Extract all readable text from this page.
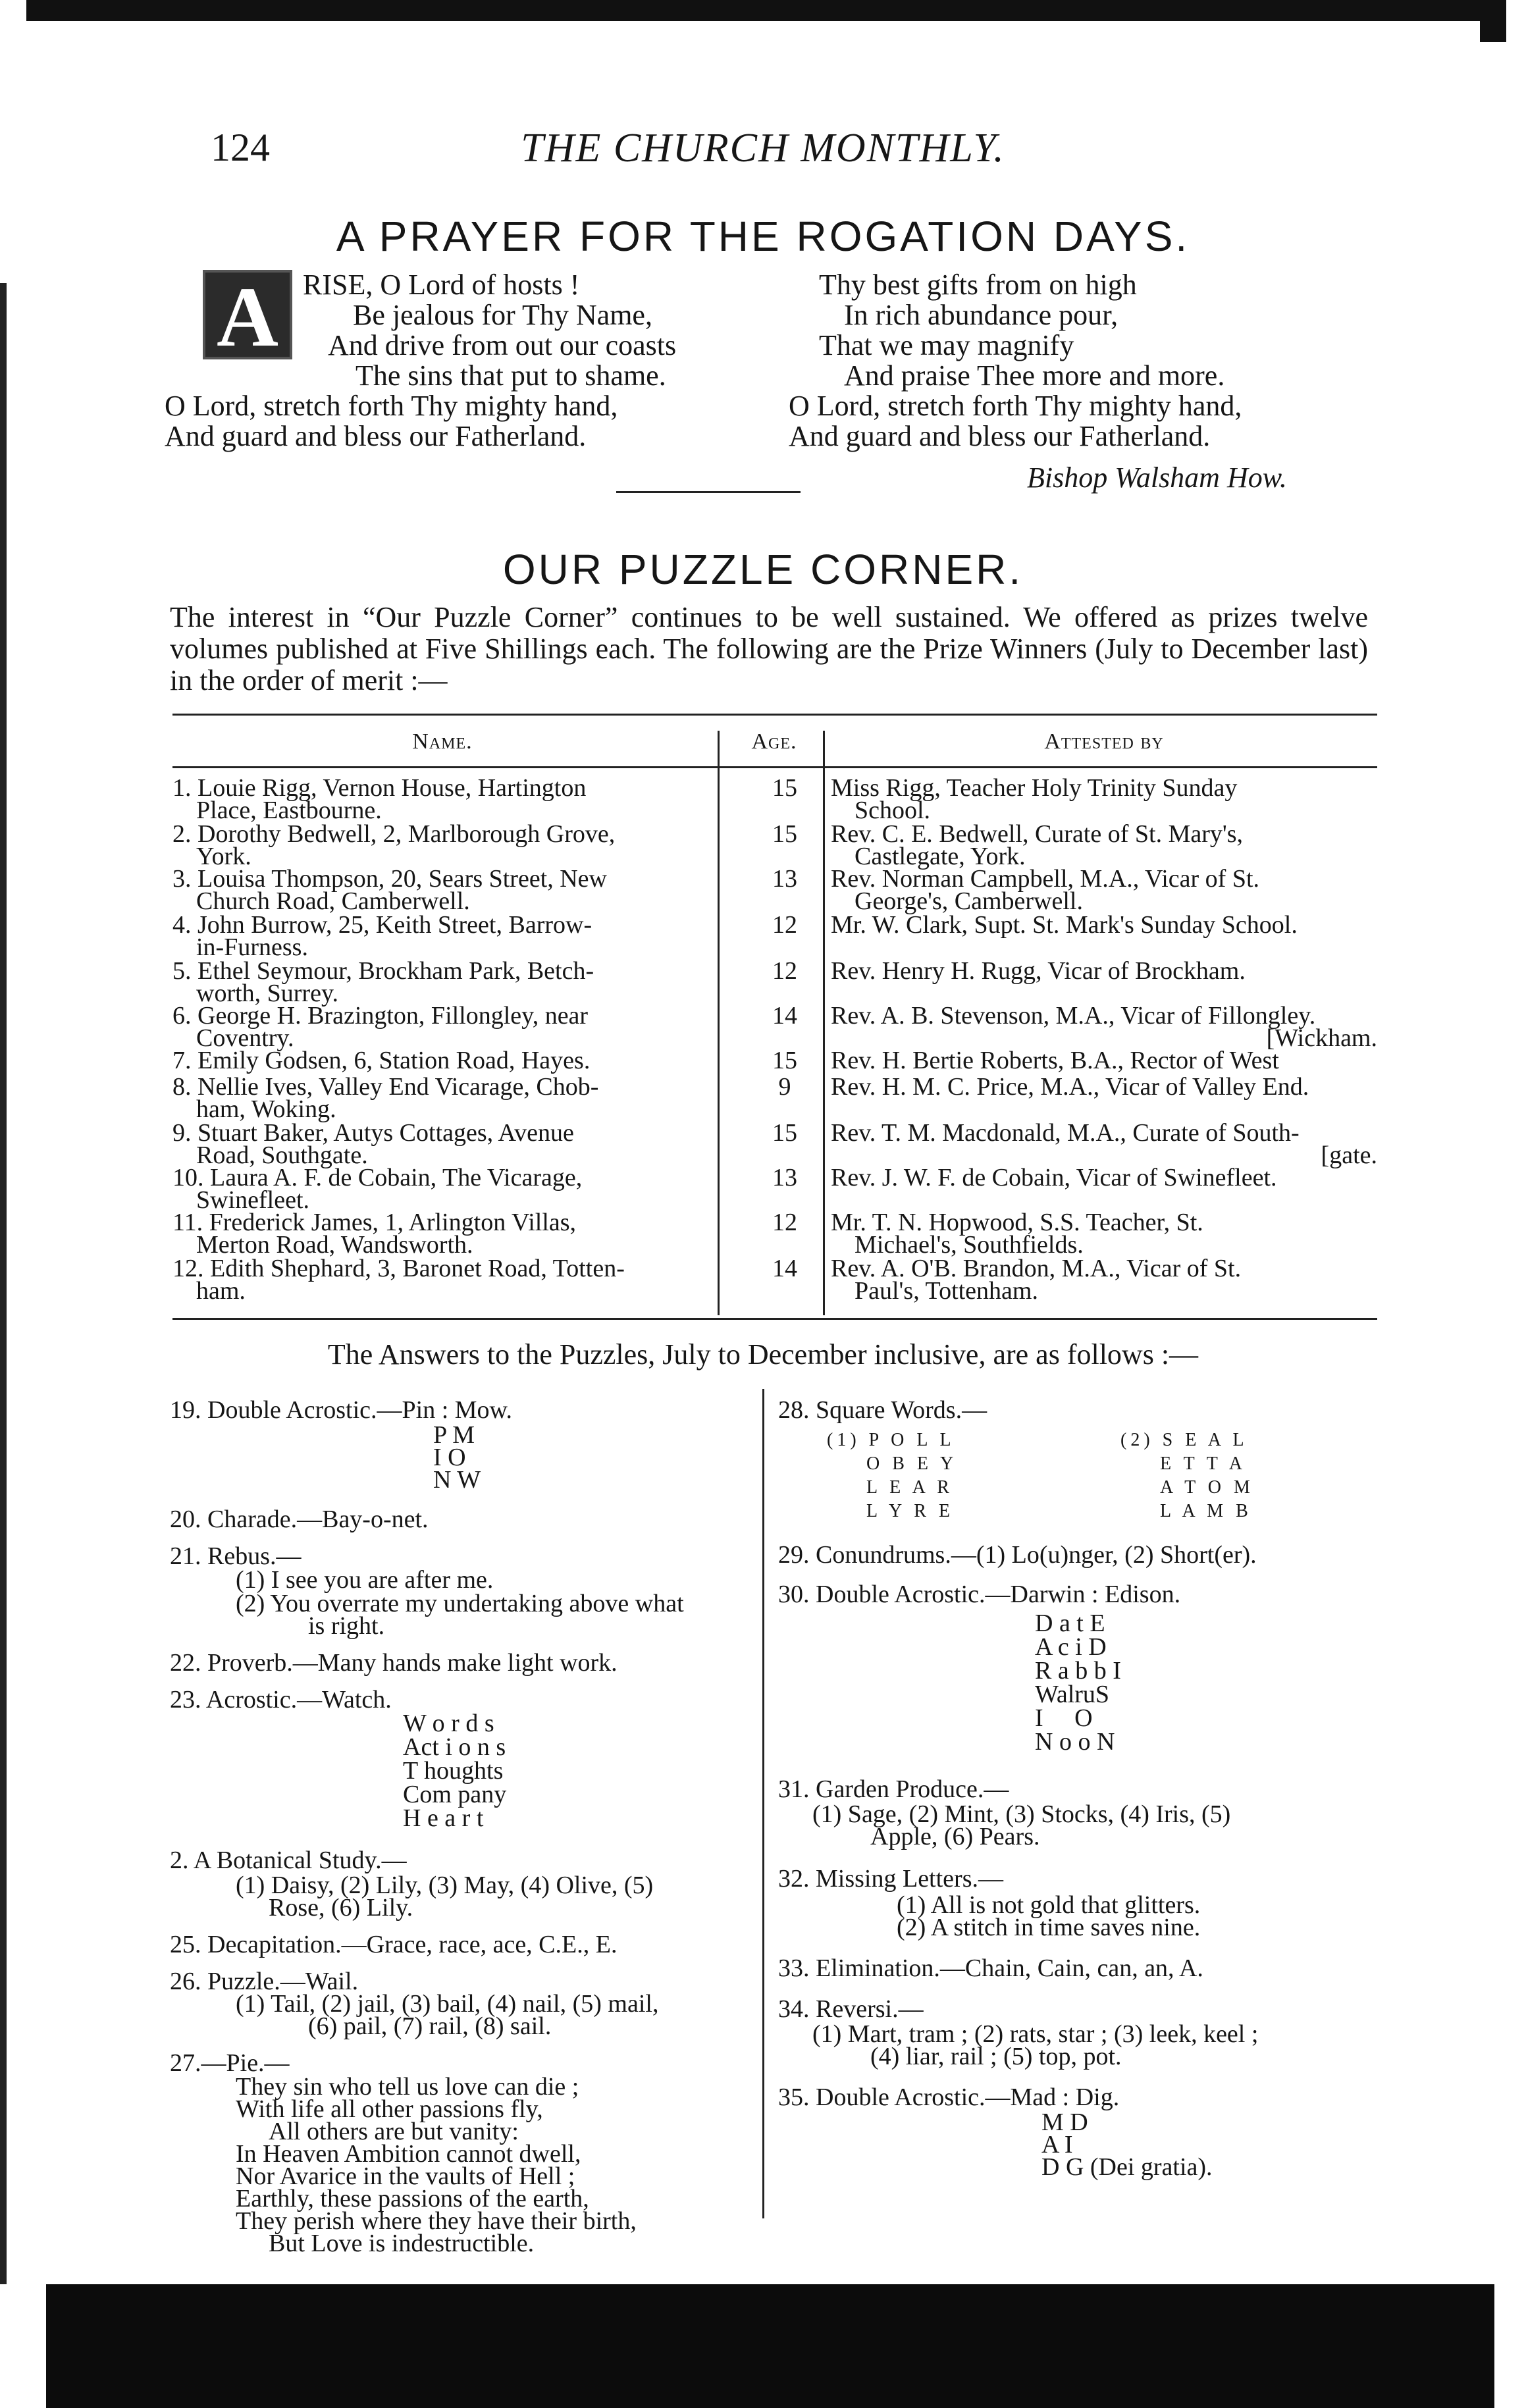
124	THE CHURCH MONTHLY.
A PRAYER FOR THE ROGATION DAYS.
A RISE, O Lord of hosts !
Be jealous for Thy Name,
And drive from out our coasts
The sins that put to shame.
O Lord, stretch forth Thy mighty hand,
And guard and bless our Fatherland.
Thy best gifts from on high
In rich abundance pour,
That we may magnify
And praise Thee more and more.
O Lord, stretch forth Thy mighty hand,
And guard and bless our Fatherland.
Bishop Walsham How.
OUR PUZZLE CORNER.
The interest in “Our Puzzle Corner” continues to be well sustained. We offered as prizes twelve volumes published at Five Shillings each. The following are the Prize Winners (July to December last) in the order of merit :—
Name.	Age.	Attested by
1. Louie Rigg, Vernon House, Hartington
Place, Eastbourne.
15	Miss Rigg, Teacher Holy Trinity Sunday
School.
2. Dorothy Bedwell, 2, Marlborough Grove,
York.
15	Rev. C. E. Bedwell, Curate of St. Mary's,
Castlegate, York.
3. Louisa Thompson, 20, Sears Street, New
Church Road, Camberwell.
13	Rev. Norman Campbell, M.A., Vicar of St.
George's, Camberwell.
4. John Burrow, 25, Keith Street, Barrow-
in-Furness.
12	Mr. W. Clark, Supt. St. Mark's Sunday School.
5. Ethel Seymour, Brockham Park, Betch-
worth, Surrey.
12	Rev. Henry H. Rugg, Vicar of Brockham.
6. George H. Brazington, Fillongley, near
Coventry.
14	Rev. A. B. Stevenson, M.A., Vicar of Fillongley.
[Wickham.
7. Emily Godsen, 6, Station Road, Hayes.	15	Rev. H. Bertie Roberts, B.A., Rector of West
8. Nellie Ives, Valley End Vicarage, Chob-
ham, Woking.
9	Rev. H. M. C. Price, M.A., Vicar of Valley End.
9. Stuart Baker, Autys Cottages, Avenue
Road, Southgate.
15	Rev. T. M. Macdonald, M.A., Curate of South-
[gate.
10. Laura A. F. de Cobain, The Vicarage,
Swinefleet.
13	Rev. J. W. F. de Cobain, Vicar of Swinefleet.
11. Frederick James, 1, Arlington Villas,
Merton Road, Wandsworth.
12	Mr. T. N. Hopwood, S.S. Teacher, St.
Michael's, Southfields.
12. Edith Shephard, 3, Baronet Road, Totten-
ham.
14	Rev. A. O'B. Brandon, M.A., Vicar of St.
Paul's, Tottenham.
The Answers to the Puzzles, July to December inclusive, are as follows :—
19. Double Acrostic.—Pin : Mow.
P M
I O
N W
20. Charade.—Bay-o-net.
21. Rebus.—
(1) I see you are after me.
(2) You overrate my undertaking above what
is right.
22. Proverb.—Many hands make light work.
23. Acrostic.—Watch.
W o r d s
Act i o n s
T houghts
Com pany
H e a r t
2. A Botanical Study.—
(1) Daisy, (2) Lily, (3) May, (4) Olive, (5)
Rose, (6) Lily.
25. Decapitation.—Grace, race, ace, C.E., E.
26. Puzzle.—Wail.
(1) Tail, (2) jail, (3) bail, (4) nail, (5) mail,
(6) pail, (7) rail, (8) sail.
27.—Pie.—
They sin who tell us love can die ;
With life all other passions fly,
All others are but vanity:
In Heaven Ambition cannot dwell,
Nor Avarice in the vaults of Hell ;
Earthly, these passions of the earth,
They perish where they have their birth,
But Love is indestructible.
28. Square Words.—
(1) P O L L
O B E Y
L E A R
L Y R E
(2) S E A L
E T T A
A T O M
L A M B
29. Conundrums.—(1) Lo(u)nger, (2) Short(er).
30. Double Acrostic.—Darwin : Edison.
D a t E
A c i D
R a b b I
WalruS
I     O
N o o N
31. Garden Produce.—
(1) Sage, (2) Mint, (3) Stocks, (4) Iris, (5)
Apple, (6) Pears.
32. Missing Letters.—
(1) All is not gold that glitters.
(2) A stitch in time saves nine.
33. Elimination.—Chain, Cain, can, an, A.
34. Reversi.—
(1) Mart, tram ; (2) rats, star ; (3) leek, keel ;
(4) liar, rail ; (5) top, pot.
35. Double Acrostic.—Mad : Dig.
M D
A I
D G (Dei gratia).
